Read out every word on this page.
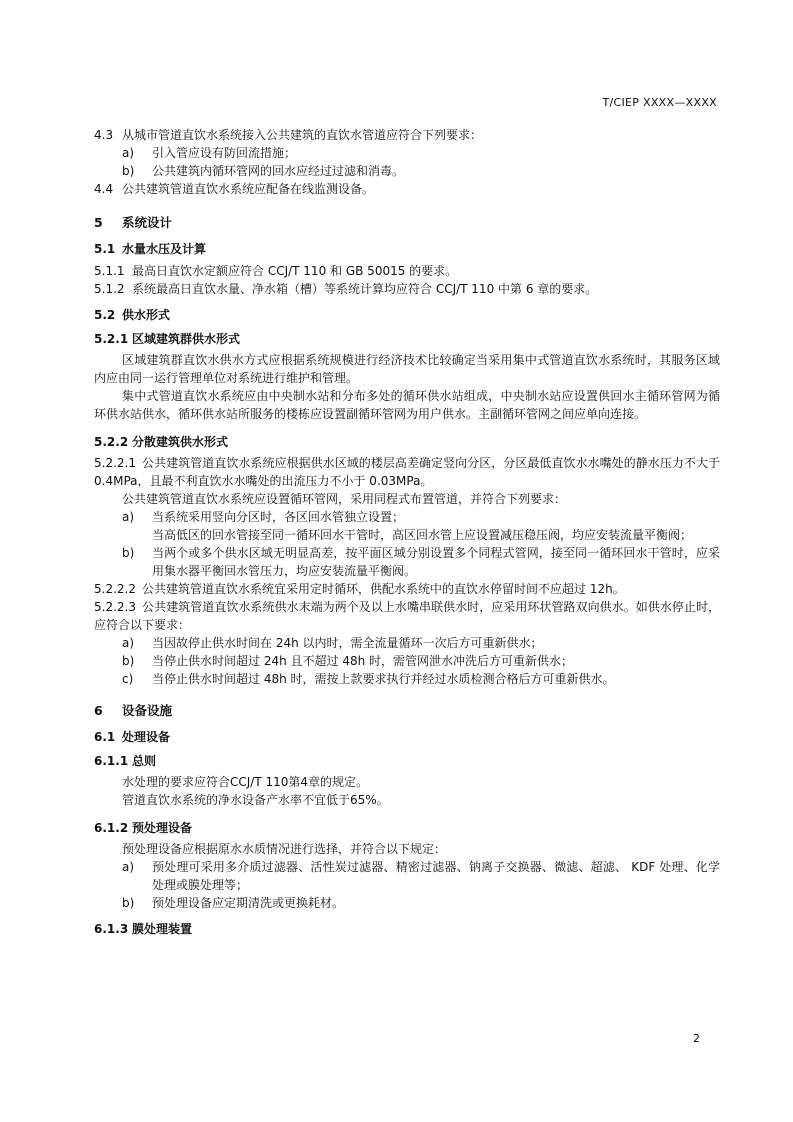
T/CIEP XXXX—XXXX
4.3 从城市管道直饮水系统接入公共建筑的直饮水管道应符合下列要求：
a) 引入管应设有防回流措施；
b) 公共建筑内循环管网的回水应经过过滤和消毒。
4.4 公共建筑管道直饮水系统应配备在线监测设备。
5 系统设计
5.1 水量水压及计算
5.1.1 最高日直饮水定额应符合 CCJ/T 110 和 GB 50015 的要求。
5.1.2 系统最高日直饮水量、净水箱（槽）等系统计算均应符合 CCJ/T 110 中第 6 章的要求。
5.2 供水形式
5.2.1 区域建筑群供水形式
区域建筑群直饮水供水方式应根据系统规模进行经济技术比较确定当采用集中式管道直饮水系统时，其服务区域内应由同一运行管理单位对系统进行维护和管理。
集中式管道直饮水系统应由中央制水站和分布多处的循环供水站组成，中央制水站应设置供回水主循环管网为循环供水站供水，循环供水站所服务的楼栋应设置副循环管网为用户供水。主副循环管网之间应单向连接。
5.2.2 分散建筑供水形式
5.2.2.1 公共建筑管道直饮水系统应根据供水区域的楼层高差确定竖向分区，分区最低直饮水水嘴处的静水压力不大于 0.4MPa，且最不利直饮水水嘴处的出流压力不小于 0.03MPa。
公共建筑管道直饮水系统应设置循环管网，采用同程式布置管道，并符合下列要求：
a) 当系统采用竖向分区时，各区回水管独立设置；
当高低区的回水管接至同一循环回水干管时，高区回水管上应设置减压稳压阀，均应安装流量平衡阀；
b)	当两个或多个供水区域无明显高差，按平面区域分别设置多个同程式管网，接至同一循环回水干管时，应采用集水器平衡回水管压力，均应安装流量平衡阀。
5.2.2.2 公共建筑管道直饮水系统宜采用定时循环，供配水系统中的直饮水停留时间不应超过 12h。
5.2.2.3 公共建筑管道直饮水系统供水末端为两个及以上水嘴串联供水时，应采用环状管路双向供水。如供水停止时，应符合以下要求：
a) 当因故停止供水时间在 24h 以内时，需全流量循环一次后方可重新供水；
b) 当停止供水时间超过 24h 且不超过 48h 时，需管网泄水冲洗后方可重新供水；
c) 当停止供水时间超过 48h 时，需按上款要求执行并经过水质检测合格后方可重新供水。
6 设备设施
6.1 处理设备
6.1.1 总则
水处理的要求应符合CCJ/T 110第4章的规定。
管道直饮水系统的净水设备产水率不宜低于65%。
6.1.2 预处理设备
预处理设备应根据原水水质情况进行选择，并符合以下规定：
a)	预处理可采用多介质过滤器、活性炭过滤器、精密过滤器、钠离子交换器、微滤、超滤、 KDF 处理、化学处理或膜处理等；
b) 预处理设备应定期清洗或更换耗材。
6.1.3 膜处理装置
2
